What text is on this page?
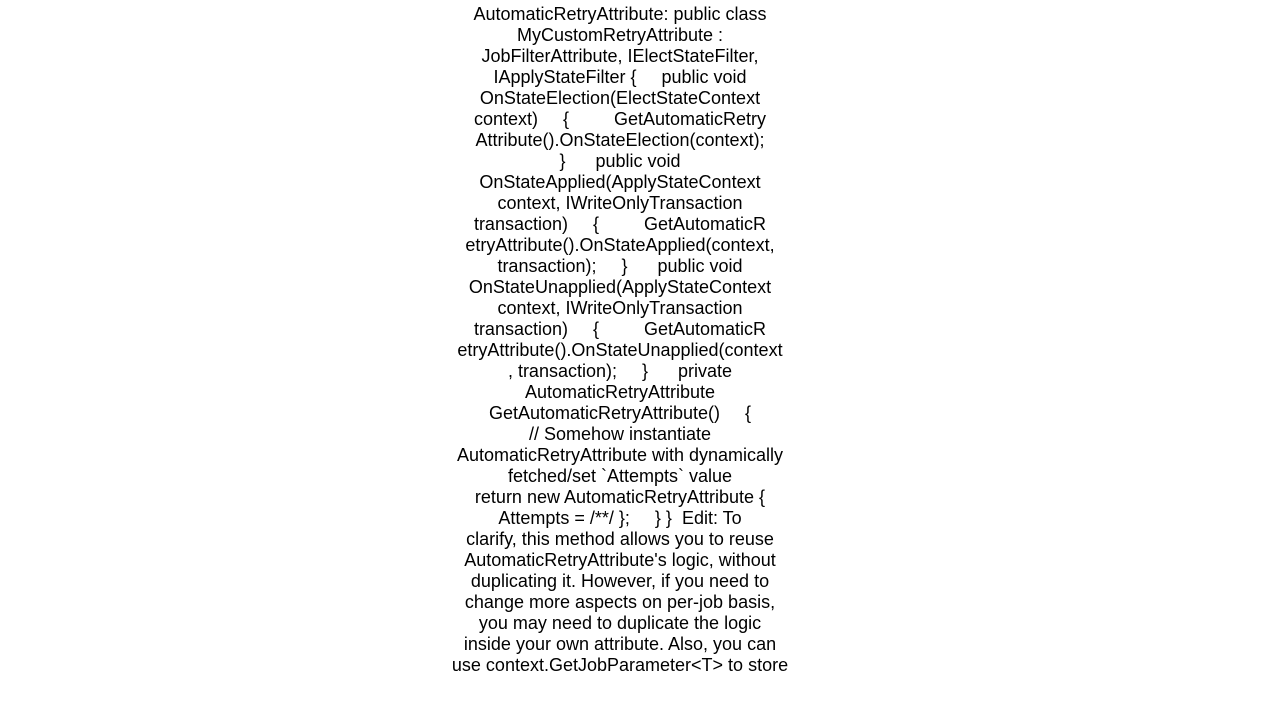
AutomaticRetryAttribute: public class
MyCustomRetryAttribute :
JobFilterAttribute, IElectStateFilter,
IApplyStateFilter {     public void
OnStateElection(ElectStateContext
context)     {         GetAutomaticRetry
Attribute().OnStateElection(context);
}      public void
OnStateApplied(ApplyStateContext
context, IWriteOnlyTransaction
transaction)     {         GetAutomaticR
etryAttribute().OnStateApplied(context,
transaction);     }      public void
OnStateUnapplied(ApplyStateContext
context, IWriteOnlyTransaction
transaction)     {         GetAutomaticR
etryAttribute().OnStateUnapplied(context
, transaction);     }      private
AutomaticRetryAttribute
GetAutomaticRetryAttribute()     {
// Somehow instantiate
AutomaticRetryAttribute with dynamically
fetched/set `Attempts` value
return new AutomaticRetryAttribute {
Attempts = /**/ };     } }  Edit: To
clarify, this method allows you to reuse
AutomaticRetryAttribute's logic, without
duplicating it. However, if you need to
change more aspects on per-job basis,
you may need to duplicate the logic
inside your own attribute. Also, you can
use context.GetJobParameter<T> to store
